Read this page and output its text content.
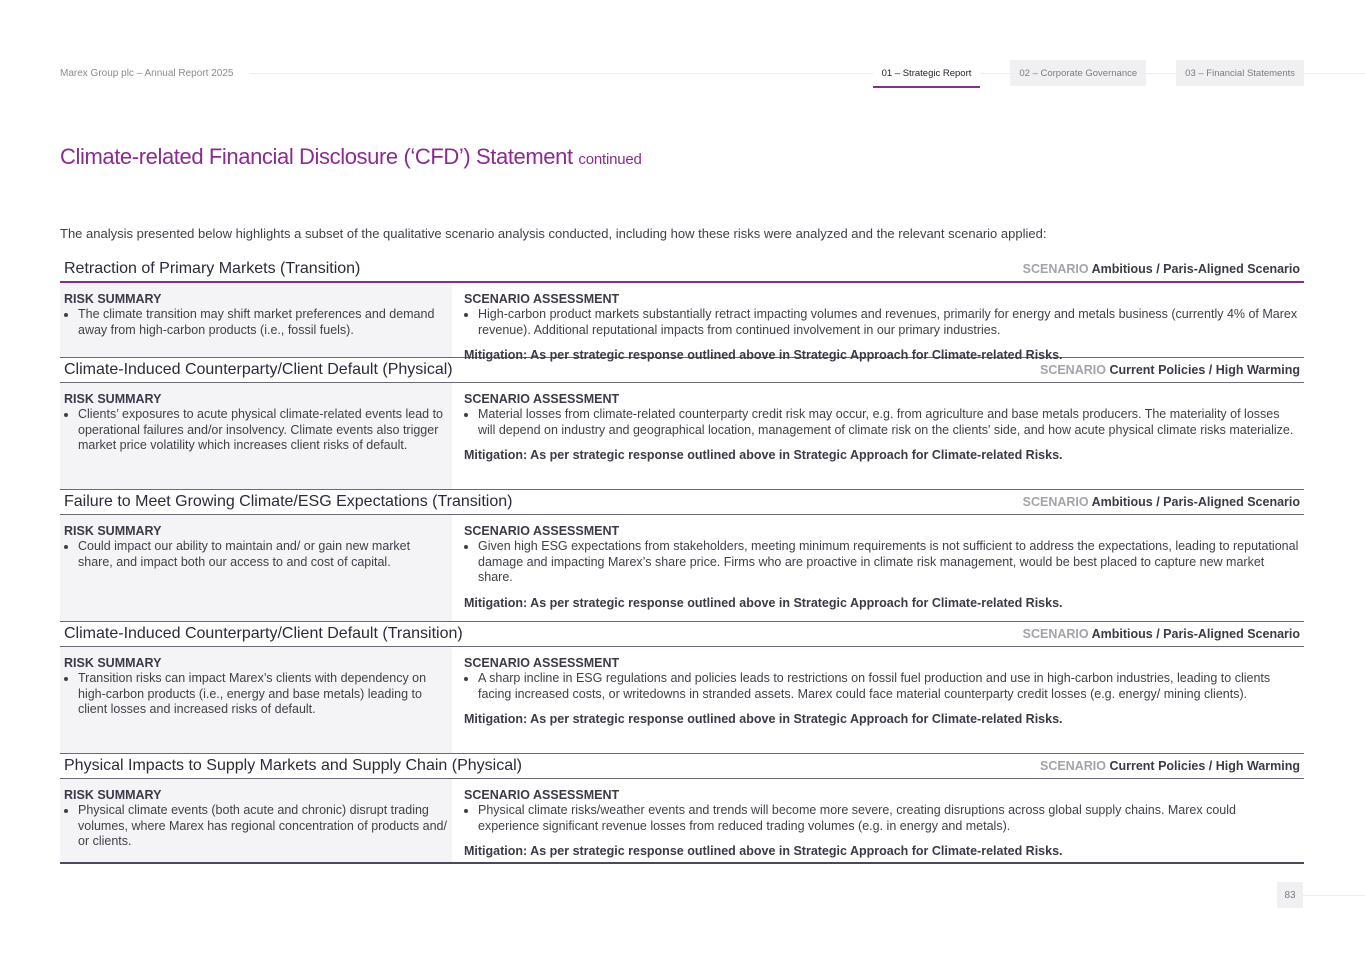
Marex Group plc – Annual Report 2025	01 – Strategic Report	02 – Corporate Governance	03 – Financial Statements
Climate-related Financial Disclosure (‘CFD’) Statement continued

The analysis presented below highlights a subset of the qualitative scenario analysis conducted, including how these risks were analyzed and the relevant scenario applied:

Retraction of Primary Markets (Transition)	SCENARIO Ambitious / Paris-Aligned Scenario
RISK SUMMARY
• The climate transition may shift market preferences and demand away from high-carbon products (i.e., fossil fuels).
SCENARIO ASSESSMENT
• High-carbon product markets substantially retract impacting volumes and revenues, primarily for energy and metals business (currently 4% of Marex revenue). Additional reputational impacts from continued involvement in our primary industries.
Mitigation: As per strategic response outlined above in Strategic Approach for Climate-related Risks.
Climate-Induced Counterparty/Client Default (Physical)	SCENARIO Current Policies / High Warming
RISK SUMMARY
• Clients’ exposures to acute physical climate-related events lead to operational failures and/or insolvency. Climate events also trigger market price volatility which increases client risks of default.
SCENARIO ASSESSMENT
• Material losses from climate-related counterparty credit risk may occur, e.g. from agriculture and base metals producers. The materiality of losses will depend on industry and geographical location, management of climate risk on the clients' side, and how acute physical climate risks materialize.
Mitigation: As per strategic response outlined above in Strategic Approach for Climate-related Risks.
Failure to Meet Growing Climate/ESG Expectations (Transition)	SCENARIO Ambitious / Paris-Aligned Scenario
RISK SUMMARY
• Could impact our ability to maintain and/ or gain new market share, and impact both our access to and cost of capital.
SCENARIO ASSESSMENT
• Given high ESG expectations from stakeholders, meeting minimum requirements is not sufficient to address the expectations, leading to reputational damage and impacting Marex’s share price. Firms who are proactive in climate risk management, would be best placed to capture new market share.
Mitigation: As per strategic response outlined above in Strategic Approach for Climate-related Risks.
Climate-Induced Counterparty/Client Default (Transition)	SCENARIO Ambitious / Paris-Aligned Scenario
RISK SUMMARY
• Transition risks can impact Marex’s clients with dependency on high-carbon products (i.e., energy and base metals) leading to client losses and increased risks of default.
SCENARIO ASSESSMENT
• A sharp incline in ESG regulations and policies leads to restrictions on fossil fuel production and use in high-carbon industries, leading to clients facing increased costs, or writedowns in stranded assets. Marex could face material counterparty credit losses (e.g. energy/ mining clients).
Mitigation: As per strategic response outlined above in Strategic Approach for Climate-related Risks.
Physical Impacts to Supply Markets and Supply Chain (Physical)	SCENARIO Current Policies / High Warming
RISK SUMMARY
• Physical climate events (both acute and chronic) disrupt trading volumes, where Marex has regional concentration of products and/ or clients.
SCENARIO ASSESSMENT
• Physical climate risks/weather events and trends will become more severe, creating disruptions across global supply chains. Marex could experience significant revenue losses from reduced trading volumes (e.g. in energy and metals).
Mitigation: As per strategic response outlined above in Strategic Approach for Climate-related Risks.
83
